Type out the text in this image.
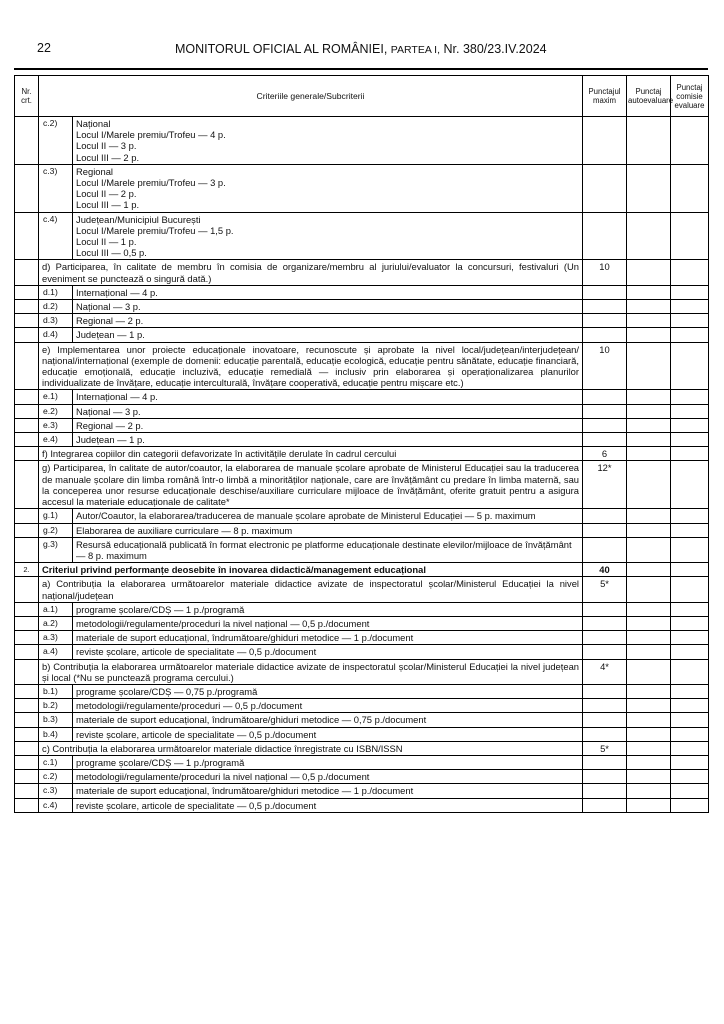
22	MONITORUL OFICIAL AL ROMÂNIEI, PARTEA I, Nr. 380/23.IV.2024
Nr. crt.	Criteriile generale/Subcriterii		Punctajul maxim	Punctaj autoevaluare	Punctaj comisie evaluare
	c.2)	Național
Locul I/Marele premiu/Trofeu — 4 p.
Locul II — 3 p.
Locul III — 2 p.			

	c.3)	Regional
Locul I/Marele premiu/Trofeu — 3 p.
Locul II — 2 p.
Locul III — 1 p.			

	c.4)	Județean/Municipiul București
Locul I/Marele premiu/Trofeu — 1,5 p.
Locul II — 1 p.
Locul III — 0,5 p.			

	d) Participarea, în calitate de membru în comisia de organizare/membru al juriului/evaluator la concursuri, festivaluri (Un eveniment se punctează o singură dată.)		10		
	d.1)	Internațional — 4 p.			

	d.2)	Național — 3 p.			

	d.3)	Regional — 2 p.			

	d.4)	Județean — 1 p.			

	e) Implementarea unor proiecte educaționale inovatoare, recunoscute și aprobate la nivel local/județean/interjudețean/ național/internațional (exemple de domenii: educație parentală, educație ecologică, educație pentru sănătate, educație financiară, educație emoțională, educație incluzivă, educație remedială — inclusiv prin elaborarea și operaționalizarea planurilor individualizate de învățare, educație interculturală, învățare cooperativă, educație pentru mișcare etc.)		10		
	e.1)	Internațional — 4 p.			

	e.2)	Național — 3 p.			

	e.3)	Regional — 2 p.			

	e.4)	Județean — 1 p.			

	f) Integrarea copiilor din categorii defavorizate în activitățile derulate în cadrul cercului		6		
	g) Participarea, în calitate de autor/coautor, la elaborarea de manuale școlare aprobate de Ministerul Educației sau la traducerea de manuale școlare din limba română într-o limbă a minorităților naționale, care are învățământ cu predare în limba maternă, sau la conceperea unor resurse educaționale deschise/auxiliare curriculare mijloace de învățământ, oferite gratuit pentru a asigura accesul la materiale educaționale de calitate*		12*		
	g.1)	Autor/Coautor, la elaborarea/traducerea de manuale școlare aprobate de Ministerul Educației — 5 p. maximum			

	g.2)	Elaborarea de auxiliare curriculare — 8 p. maximum			

	g.3)	Resursă educațională publicată în format electronic pe platforme educaționale destinate elevilor/mijloace de învățământ — 8 p. maximum			

2.	Criteriul privind performanțe deosebite în inovarea didactică/management educațional		40		
	a) Contribuția la elaborarea următoarelor materiale didactice avizate de inspectoratul școlar/Ministerul Educației la nivel național/județean		5*		
	a.1)	programe școlare/CDȘ — 1 p./programă			

	a.2)	metodologii/regulamente/proceduri la nivel național — 0,5 p./document			

	a.3)	materiale de suport educațional, îndrumătoare/ghiduri metodice — 1 p./document			

	a.4)	reviste școlare, articole de specialitate — 0,5 p./document			

	b) Contribuția la elaborarea următoarelor materiale didactice avizate de inspectoratul școlar/Ministerul Educației la nivel județean și local (*Nu se punctează programa cercului.)		4*		
	b.1)	programe școlare/CDȘ — 0,75 p./programă			

	b.2)	metodologii/regulamente/proceduri — 0,5 p./document			

	b.3)	materiale de suport educațional, îndrumătoare/ghiduri metodice — 0,75 p./document			

	b.4)	reviste școlare, articole de specialitate — 0,5 p./document			

	c) Contribuția la elaborarea următoarelor materiale didactice înregistrate cu ISBN/ISSN		5*		
	c.1)	programe școlare/CDȘ — 1 p./programă			

	c.2)	metodologii/regulamente/proceduri la nivel național — 0,5 p./document			

	c.3)	materiale de suport educațional, îndrumătoare/ghiduri metodice — 1 p./document			

	c.4)	reviste școlare, articole de specialitate — 0,5 p./document			
